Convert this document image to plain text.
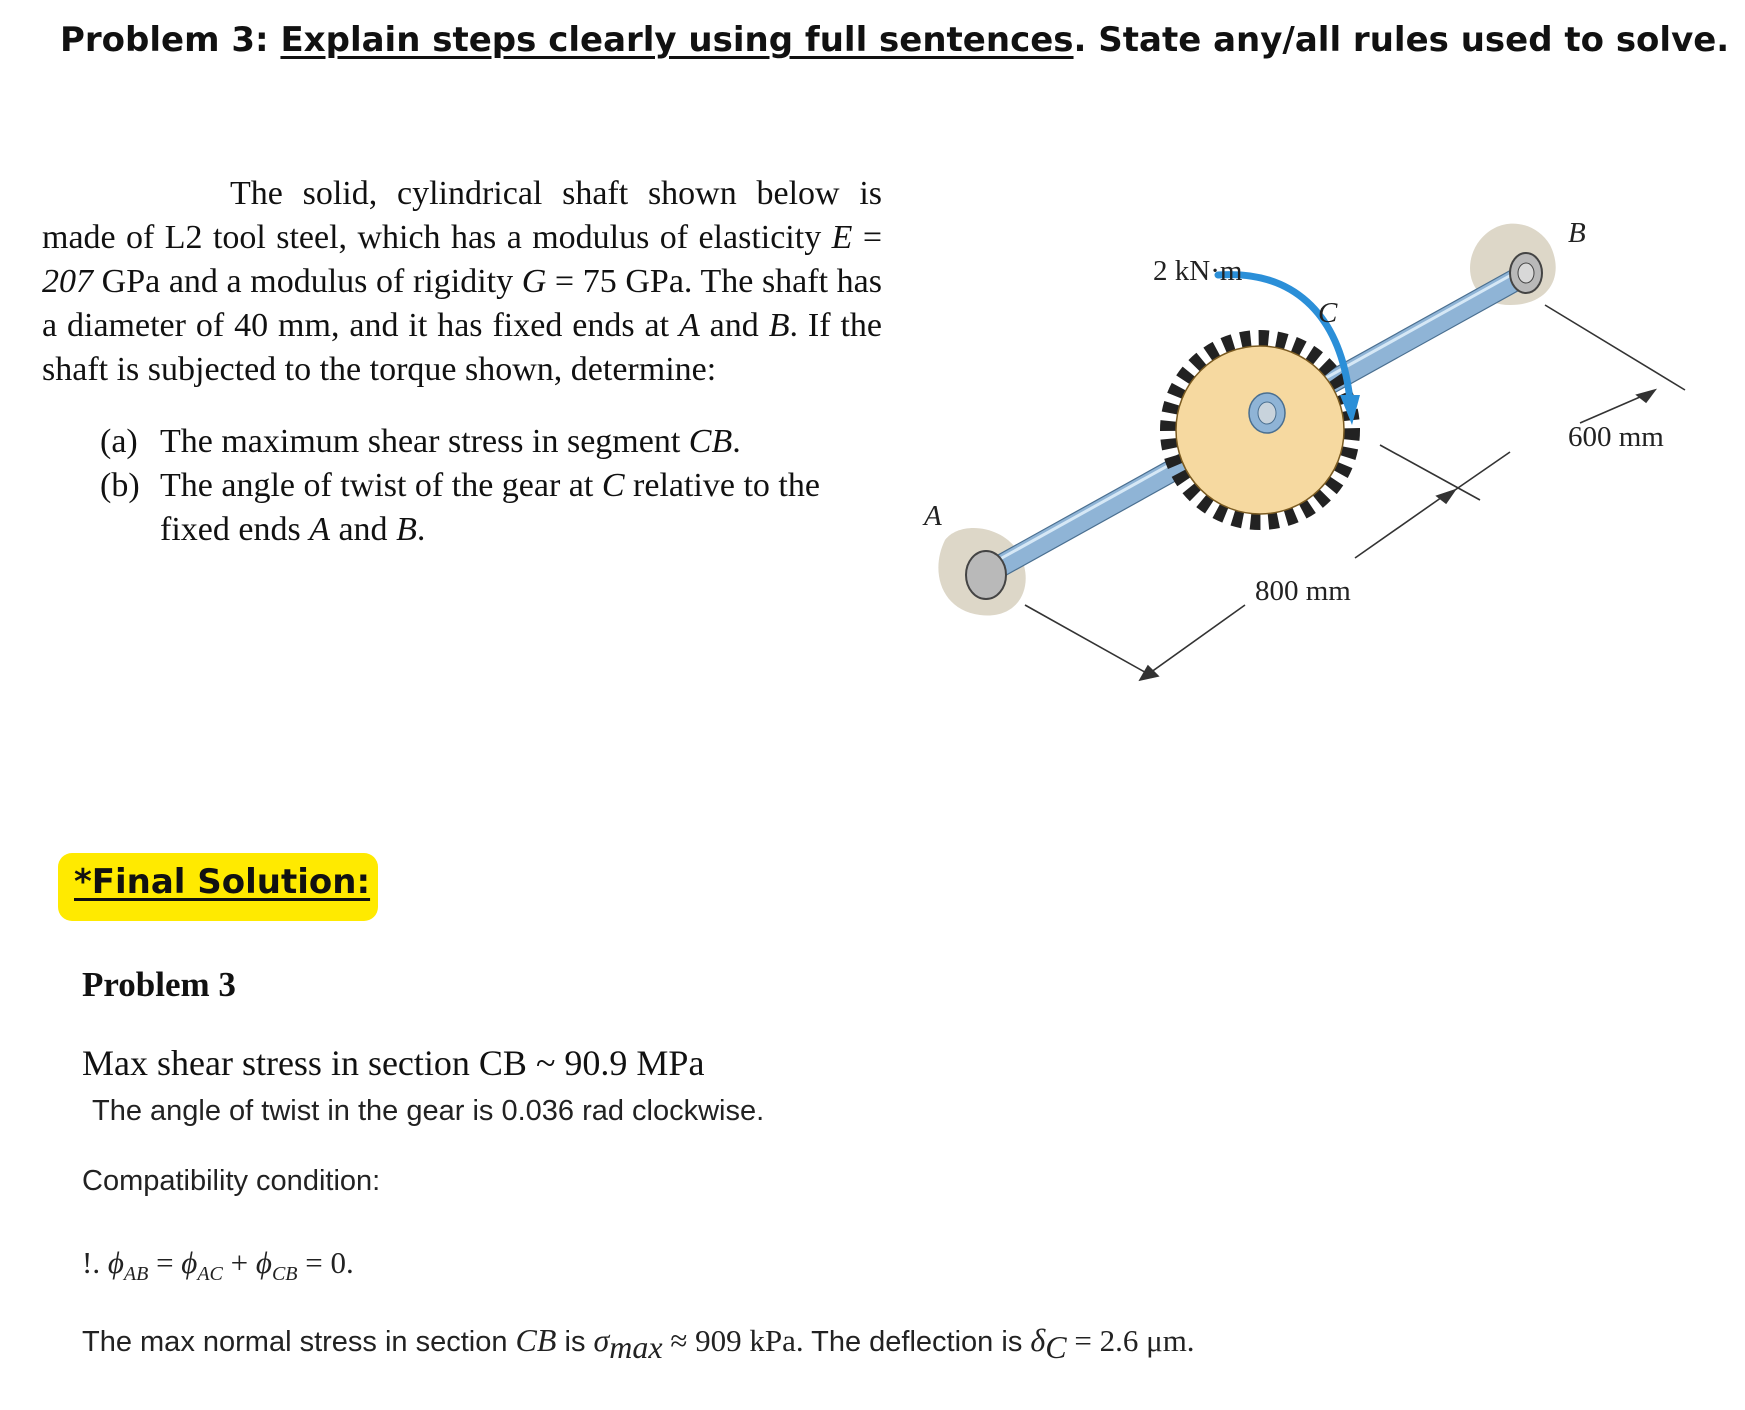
Problem 3: Explain steps clearly using full sentences. State any/all rules used to solve.
The solid, cylindrical shaft shown below is made of L2 tool steel, which has a modulus of elasticity E = 207 GPa and a modulus of rigidity G = 75 GPa. The shaft has a diameter of 40 mm, and it has fixed ends at A and B. If the shaft is subjected to the torque shown, determine:
(a) The maximum shear stress in segment CB.
(b) The angle of twist of the gear at C relative to the fixed ends A and B.	A
B
C
2 kN·m
800 mm
600 mm
*Final Solution:
Problem 3
Max shear stress in section CB ~ 90.9 MPa
The angle of twist in the gear is 0.036 rad clockwise.
Compatibility condition:
!. $\phi_{AB} = \phi_{AC} + \phi_{CB} = 0$.
The max normal stress in section CB is $\sigma_{max} \approx 909$ kPa. The deflection is $\delta_C = 2.6$ μm.
